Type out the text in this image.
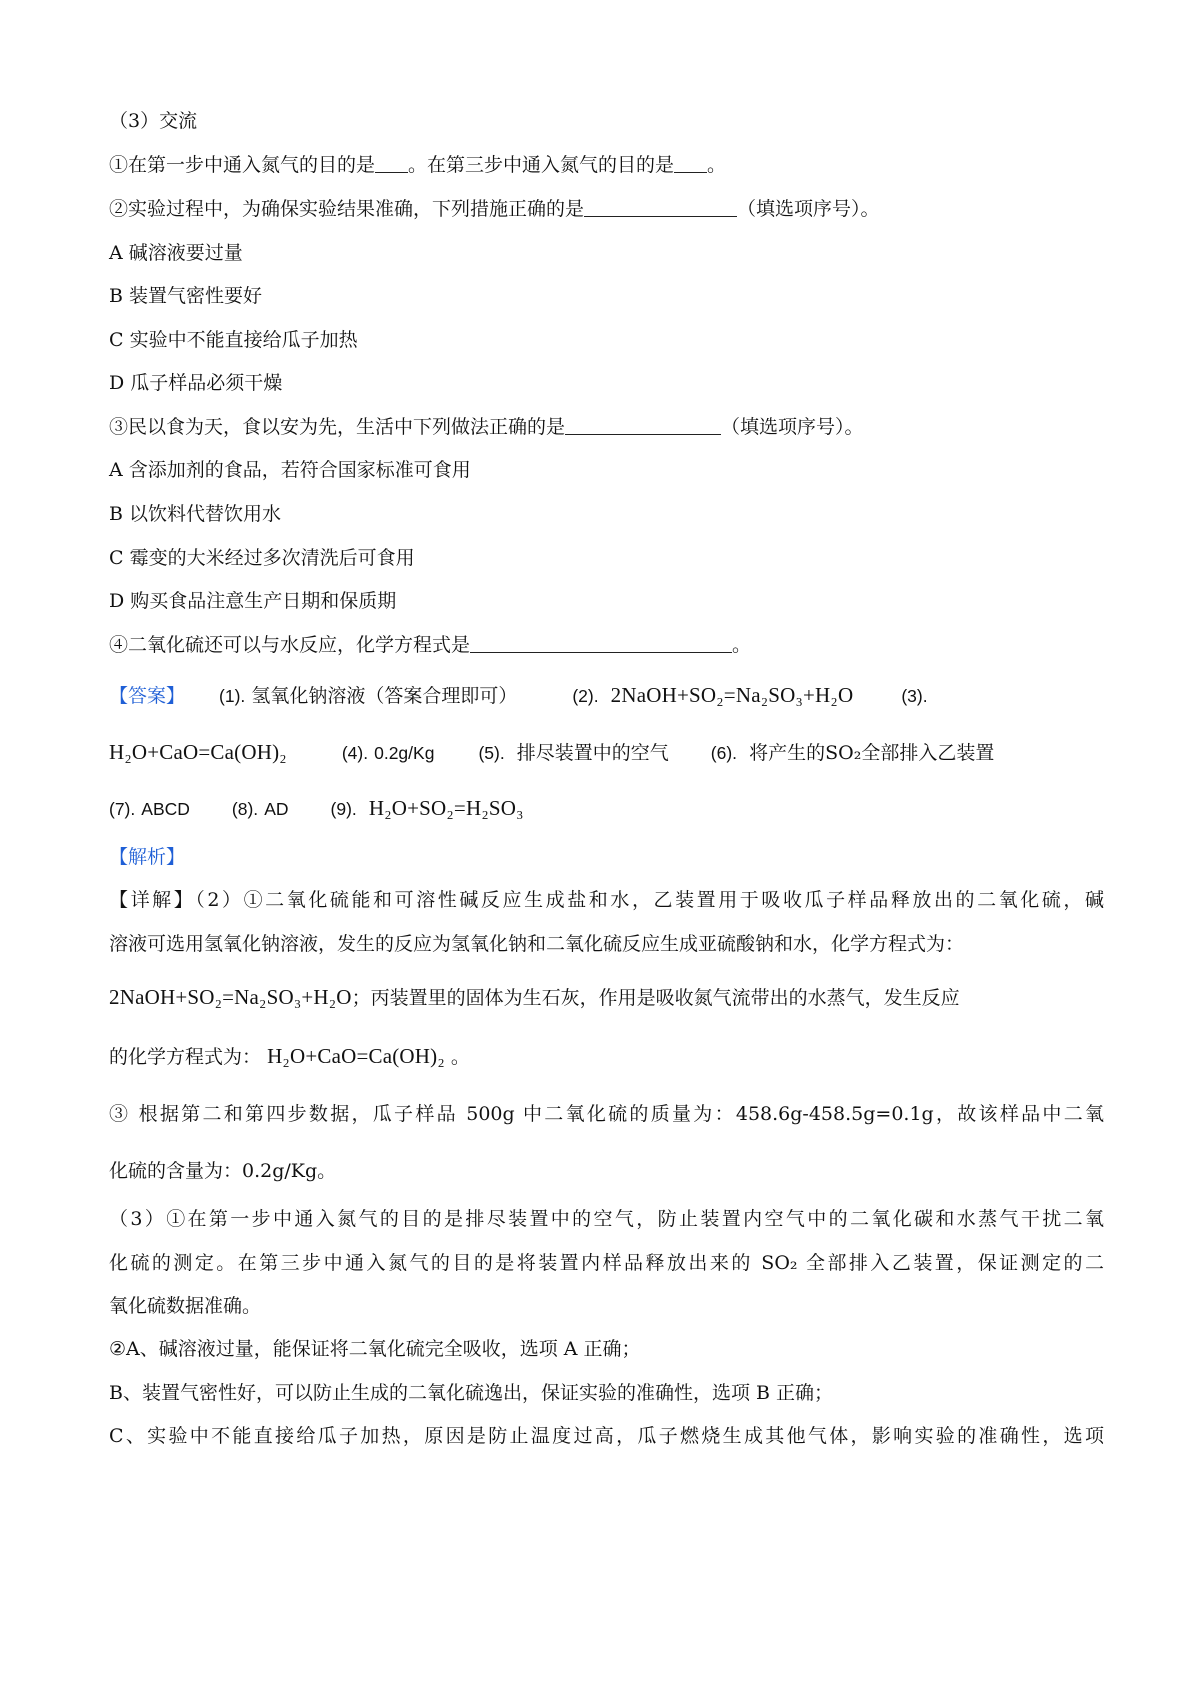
（3）交流
①在第一步中通入氮气的目的是 。在第三步中通入氮气的目的是 。
②实验过程中，为确保实验结果准确，下列措施正确的是	（填选项序号）。
A 碱溶液要过量
B 装置气密性要好
C 实验中不能直接给瓜子加热
D 瓜子样品必须干燥
③民以食为天，食以安为先，生活中下列做法正确的是	（填选项序号）。
A 含添加剂的食品，若符合国家标准可食用
B 以饮料代替饮用水
C 霉变的大米经过多次清洗后可食用
D 购买食品注意生产日期和保质期
④二氧化硫还可以与水反应，化学方程式是	。
【答案】 (1). 氢氧化钠溶液（答案合理即可）	(2). 2NaOH+SO₂=Na₂SO₃+H₂O	(3).
H₂O+CaO=Ca(OH)₂	(4). 0.2g/Kg	(5). 排尽装置中的空气 (6). 将产生的SO₂全部排入乙装置
(7). ABCD (8). AD (9). H₂O+SO₂=H₂SO₃
【解析】
【详解】（2）①二氧化硫能和可溶性碱反应生成盐和水，乙装置用于吸收瓜子样品释放出的二氧化硫，碱
溶液可选用氢氧化钠溶液，发生的反应为氢氧化钠和二氧化硫反应生成亚硫酸钠和水，化学方程式为：
2NaOH+SO₂=Na₂SO₃+H₂O；丙装置里的固体为生石灰，作用是吸收氮气流带出的水蒸气，发生反应
的化学方程式为： H₂O+CaO=Ca(OH)₂ 。
③ 根据第二和第四步数据，瓜子样品 500g 中二氧化硫的质量为：458.6g-458.5g=0.1g，故该样品中二氧
化硫的含量为：0.2g/Kg。
（3）①在第一步中通入氮气的目的是排尽装置中的空气，防止装置内空气中的二氧化碳和水蒸气干扰二氧
化硫的测定。在第三步中通入氮气的目的是将装置内样品释放出来的 SO₂ 全部排入乙装置，保证测定的二
氧化硫数据准确。
②A、碱溶液过量，能保证将二氧化硫完全吸收，选项 A 正确；
B、装置气密性好，可以防止生成的二氧化硫逸出，保证实验的准确性，选项 B 正确；
C、实验中不能直接给瓜子加热，原因是防止温度过高，瓜子燃烧生成其他气体，影响实验的准确性，选项
